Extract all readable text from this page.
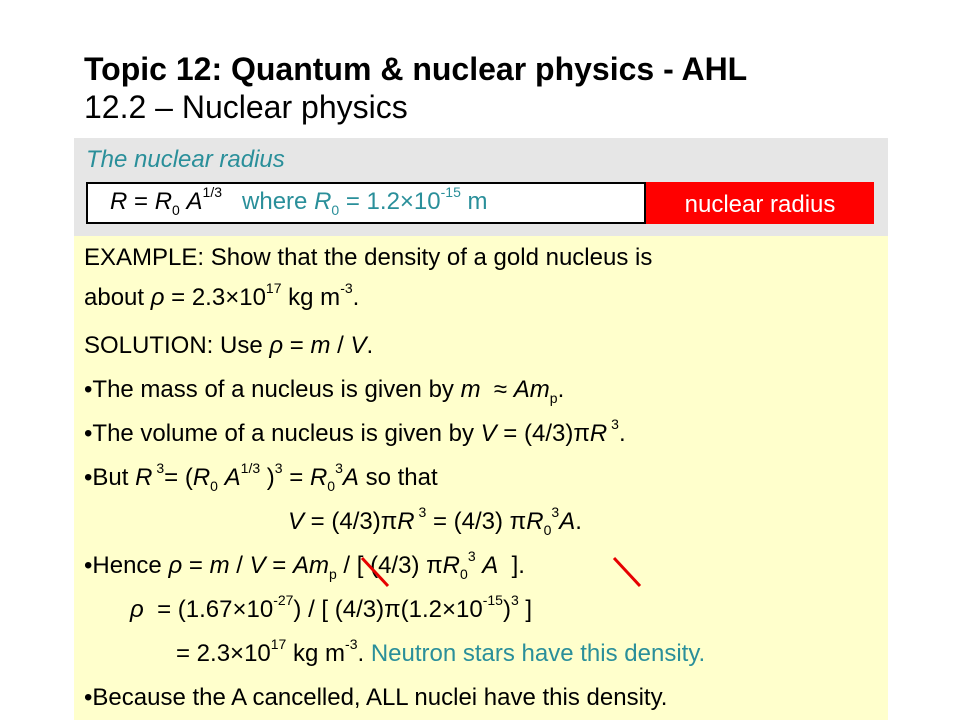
Topic 12: Quantum & nuclear physics - AHL
12.2 – Nuclear physics
The nuclear radius
$R = R_0$ $A^{1/3}$ where $R_0 = 1.2\times 10^{-15}$ m	nuclear radius
EXAMPLE: Show that the density of a gold nucleus is
about $\rho = 2.3\times 10^{17}$ kg $m^{-3}$.
SOLUTION: Use ρ = m / V.
•The mass of a nucleus is given by $m \approx Am_p$.
•The volume of a nucleus is given by V = (4/3)πR $^3$.
•But R $^3= (R_0$ $A^{1/3}$ )$^3 = R_0^3A$ so that
V = (4/3)πR $^3$ = (4/3) $\pi R_0^3A$.
•Hence $\rho = m / V = Am_p$ / [ (4/3) $\pi R_0^3$ A  ].
$\rho = (1.67\times 10^{-27})$ / [ $(4/3)\pi(1.2\times 10^{-15})^3$ ]
= $2.3\times 10^{17}$ kg $m^{-3}$. Neutron stars have this density.
•Because the A cancelled, ALL nuclei have this density.
